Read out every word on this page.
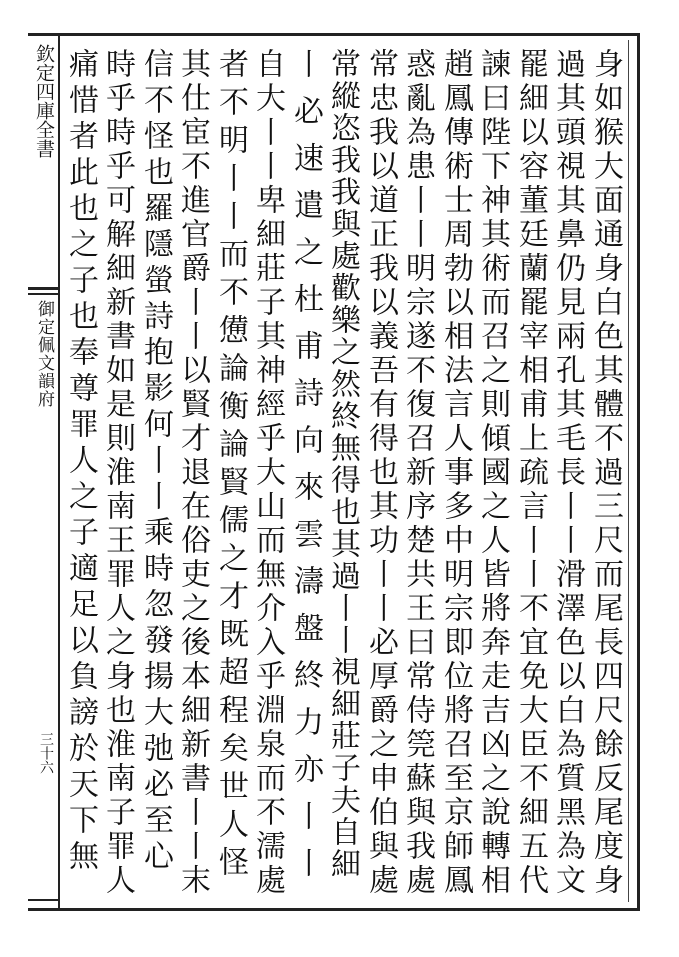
欽定四庫全書
御定佩文韻府
三十六	身如猴大面通身白色其體不過三尺而尾長四尺餘反尾度身
過其頭視其鼻仍見兩孔其毛長丨丨滑澤色以白為質黑為文
罷細以容董廷蘭罷宰相甫上疏言丨丨不宜免大臣不細五代
諫曰陛下神其術而召之則傾國之人皆將奔走吉凶之說轉相
趙鳳傳術士周勃以相法言人事多中明宗即位將召至京師鳳
惑亂為患丨丨明宗遂不復召新序楚共王曰常侍筦蘇與我處
常忠我以道正我以義吾有得也其功丨丨必厚爵之申伯與處
常縱恣我我與處歡樂之然終無得也其過丨丨視細莊子夫自細
丨必速遣之杜甫詩向來雲濤盤終力亦丨丨
自大丨丨卑細莊子其神經乎大山而無介入乎淵泉而不濡處
者不明丨丨而不憊論衡論賢儒之才既超程矣世人怪
其仕宦不進官爵丨丨以賢才退在俗吏之後本細新書丨丨末
信不怪也羅隱螢詩抱影何丨丨乘時忽發揚大弛必至心
時乎時乎可解細新書如是則淮南王罪人之身也淮南子罪人
痛惜者此也之子也奉尊罪人之子適足以負謗於天下無
